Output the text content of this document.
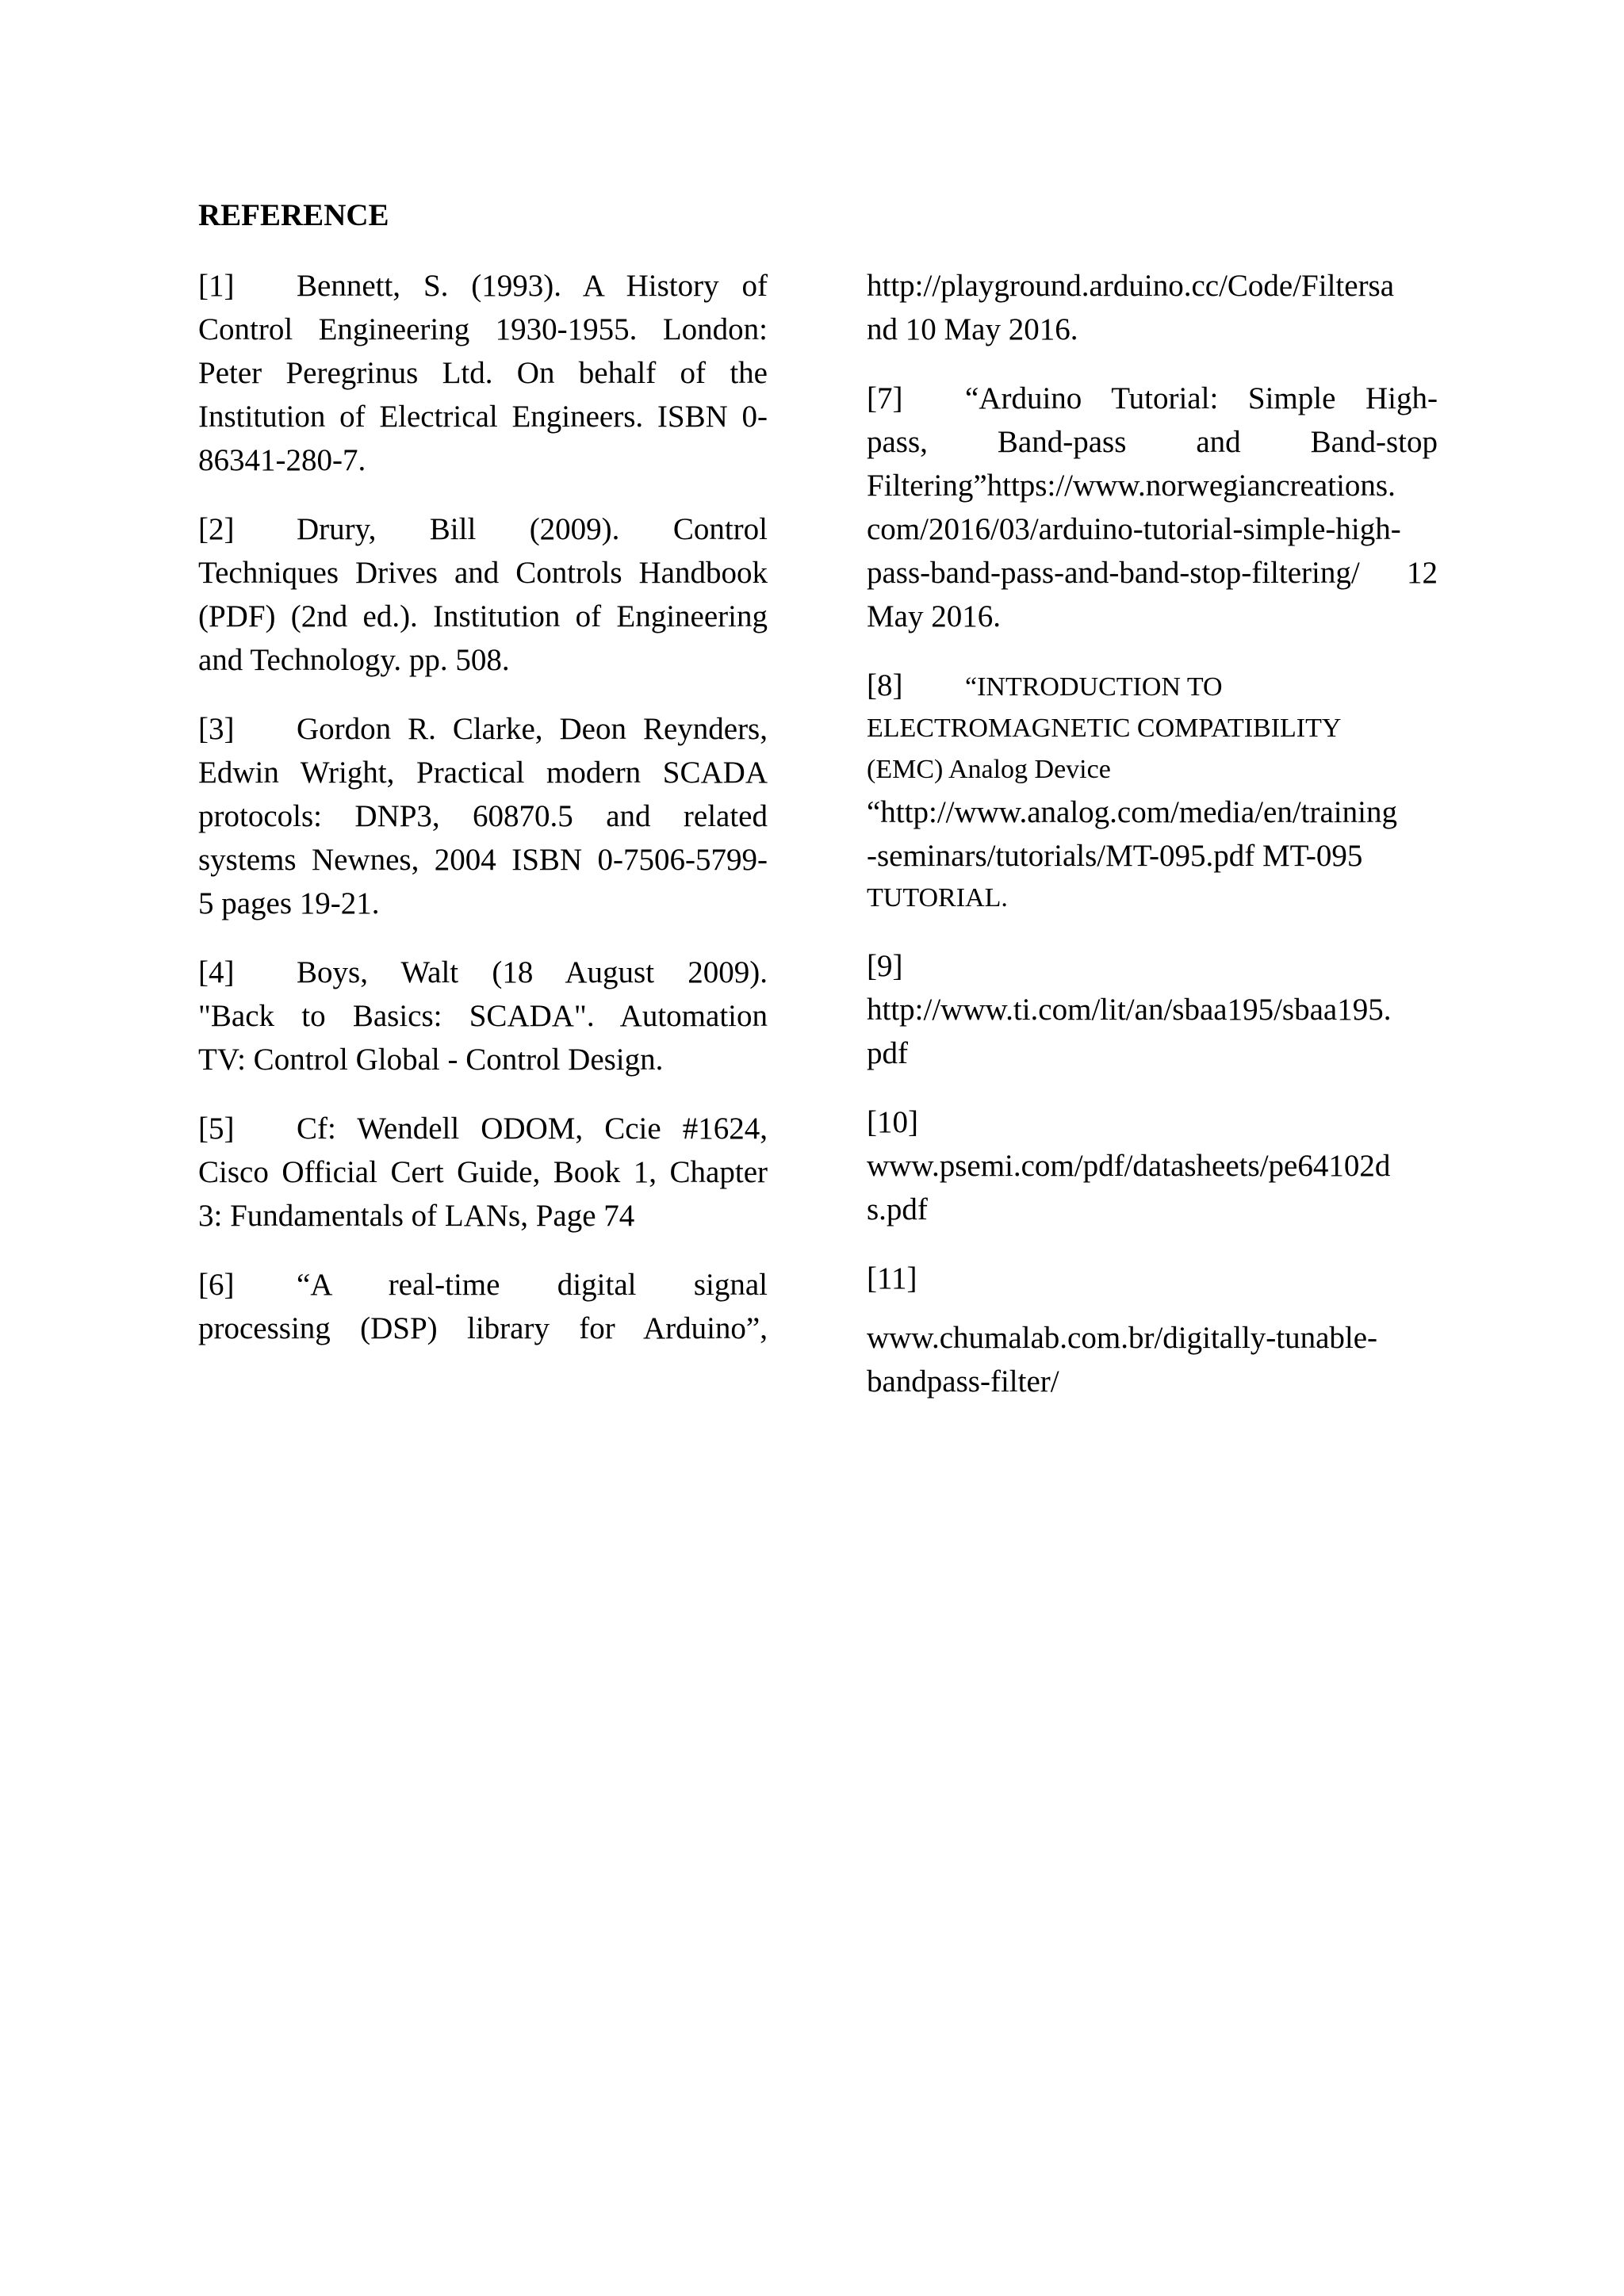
REFERENCE
[1] Bennett, S. (1993). A History of
Control Engineering 1930-1955. London:
Peter Peregrinus Ltd. On behalf of the
Institution of Electrical Engineers. ISBN 0-
86341-280-7.
[2] Drury, Bill (2009). Control
Techniques Drives and Controls Handbook
(PDF) (2nd ed.). Institution of Engineering
and Technology. pp. 508.
[3] Gordon R. Clarke, Deon Reynders,
Edwin Wright, Practical modern SCADA
protocols: DNP3, 60870.5 and related
systems Newnes, 2004 ISBN 0-7506-5799-
5 pages 19-21.
[4] Boys, Walt (18 August 2009).
"Back to Basics: SCADA". Automation
TV: Control Global - Control Design.
[5] Cf: Wendell ODOM, Ccie #1624,
Cisco Official Cert Guide, Book 1, Chapter
3: Fundamentals of LANs, Page 74
[6] “A real-time digital signal
processing (DSP) library for Arduino”,
http://playground.arduino.cc/Code/Filtersa
nd 10 May 2016.
[7] “Arduino Tutorial: Simple High-
pass, Band-pass and Band-stop
Filtering”https://www.norwegiancreations.
com/2016/03/arduino-tutorial-simple-high-
pass-band-pass-and-band-stop-filtering/ 12
May 2016.
[8] “INTRODUCTION TO
ELECTROMAGNETIC COMPATIBILITY
(EMC) Analog Device
“http://www.analog.com/media/en/training
-seminars/tutorials/MT-095.pdf MT-095
TUTORIAL.
[9]
http://www.ti.com/lit/an/sbaa195/sbaa195.
pdf
[10]
www.psemi.com/pdf/datasheets/pe64102d
s.pdf
[11]
www.chumalab.com.br/digitally-tunable-
bandpass-filter/
